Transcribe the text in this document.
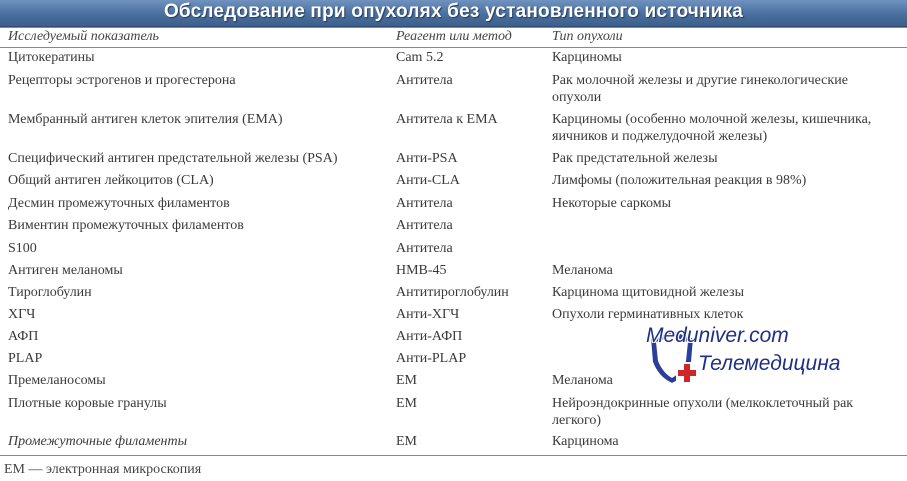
Обследование при опухолях без установленного источника
Исследуемый показатель	Реагент или метод	Тип опухоли
Цитокератины	Cam 5.2	Карциномы
Рецепторы эстрогенов и прогестерона	Антитела	Рак молочной железы и другие гинекологические опухоли
Мембранный антиген клеток эпителия (ЕМА)	Антитела к ЕМА	Карциномы (особенно молочной железы, кишечника, яичников и поджелудочной железы)
Специфический антиген предстательной железы (PSA)	Анти-PSA	Рак предстательной железы
Общий антиген лейкоцитов (CLA)	Анти-CLA	Лимфомы (положительная реакция в 98%)
Десмин промежуточных филаментов	Антитела	Некоторые саркомы
Виментин промежуточных филаментов	Антитела
S100	Антитела
Антиген меланомы	НМВ-45	Меланома
Тироглобулин	Антитироглобулин	Карцинома щитовидной железы
ХГЧ	Анти-ХГЧ	Опухоли герминативных клеток
АФП	Анти-АФП
PLAP	Анти-PLAP
Премеланосомы	ЕМ	Меланома
Плотные коровые гранулы	ЕМ	Нейроэндокринные опухоли (мелкоклеточный рак легкого)
Промежуточные филаменты	ЕМ	Карцинома
ЕМ — электронная микроскопия
Meduniver.com
Телемедицина
